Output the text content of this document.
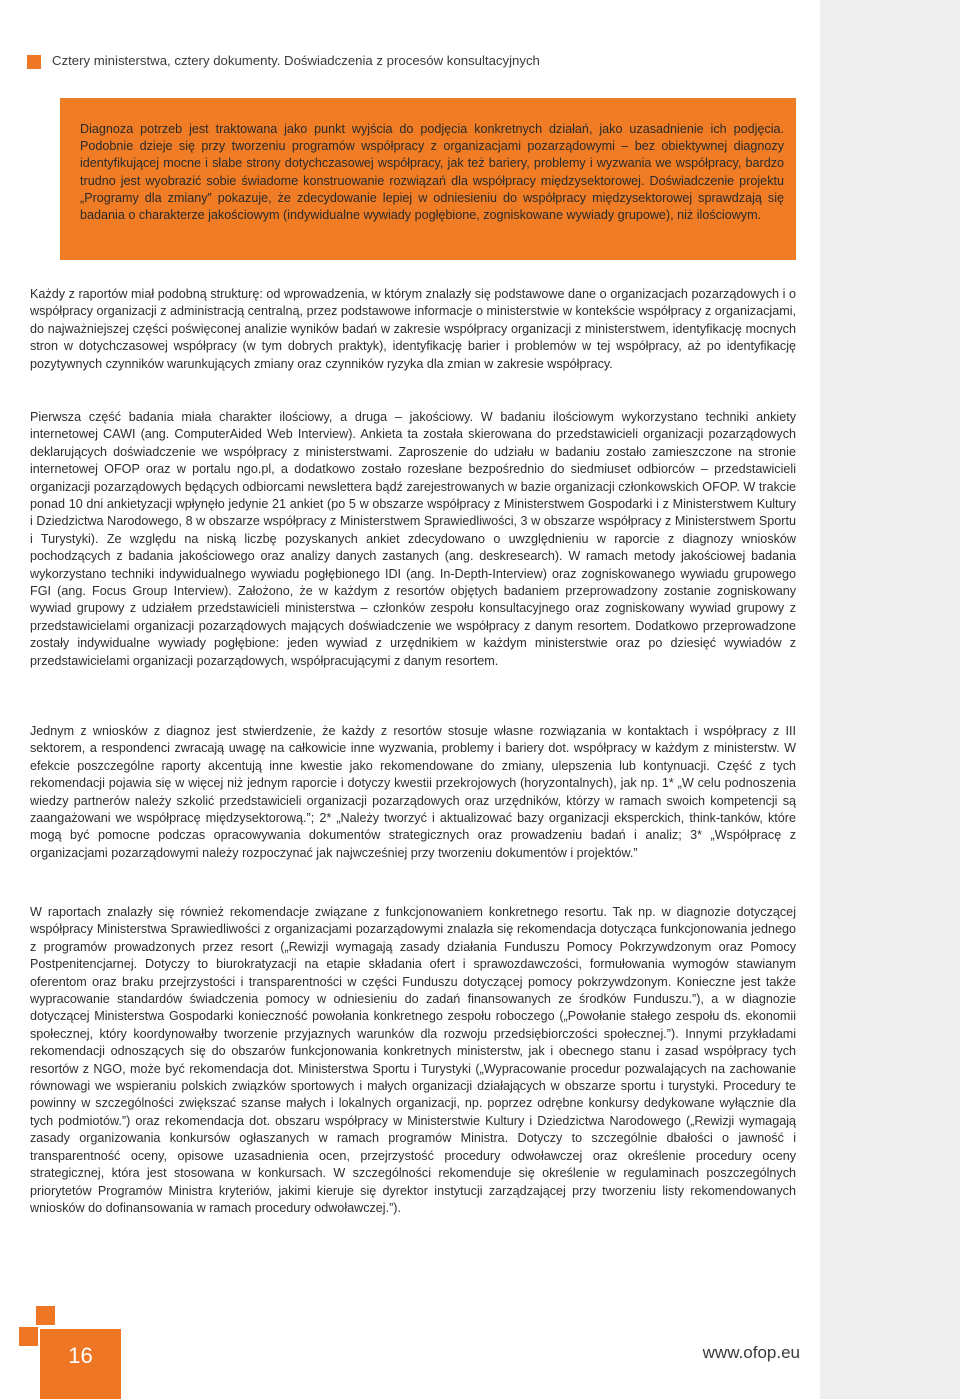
Cztery ministerstwa, cztery dokumenty. Doświadczenia z procesów konsultacyjnych
Diagnoza potrzeb jest traktowana jako punkt wyjścia do podjęcia konkretnych działań, jako uzasadnienie ich podjęcia. Podobnie dzieje się przy tworzeniu programów współpracy z organizacjami pozarządowymi – bez obiektywnej diagnozy identyfikującej mocne i słabe strony dotychczasowej współpracy, jak też bariery, problemy i wyzwania we współpracy, bardzo trudno jest wyobrazić sobie świadome konstruowanie rozwiązań dla współpracy międzysektorowej. Doświadczenie projektu „Programy dla zmiany” pokazuje, że zdecydowanie lepiej w odniesieniu do współpracy międzysektorowej sprawdzają się badania o charakterze jakościowym (indywidualne wywiady pogłębione, zogniskowane wywiady grupowe), niż ilościowym.

Każdy z raportów miał podobną strukturę: od wprowadzenia, w którym znalazły się podstawowe dane o organizacjach pozarządowych i o współpracy organizacji z administracją centralną, przez podstawowe informacje o ministerstwie w kontekście współpracy z organizacjami, do najważniejszej części poświęconej analizie wyników badań w zakresie współpracy organizacji z ministerstwem, identyfikację mocnych stron w dotychczasowej współpracy (w tym dobrych praktyk), identyfikację barier i problemów w tej współpracy, aż po identyfikację pozytywnych czynników warunkujących zmiany oraz czynników ryzyka dla zmian w zakresie współpracy.

Pierwsza część badania miała charakter ilościowy, a druga – jakościowy. W badaniu ilościowym wykorzystano techniki ankiety internetowej CAWI (ang. ComputerAided Web Interview). Ankieta ta została skierowana do przedstawicieli organizacji pozarządowych deklarujących doświadczenie we współpracy z ministerstwami. Zaproszenie do udziału w badaniu zostało zamieszczone na stronie internetowej OFOP oraz w portalu ngo.pl, a dodatkowo zostało rozesłane bezpośrednio do siedmiuset odbiorców – przedstawicieli organizacji pozarządowych będących odbiorcami newslettera bądź zarejestrowanych w bazie organizacji członkowskich OFOP. W trakcie ponad 10 dni ankietyzacji wpłynęło jedynie 21 ankiet (po 5 w obszarze współpracy z Ministerstwem Gospodarki i z Ministerstwem Kultury i Dziedzictwa Narodowego, 8 w obszarze współpracy z Ministerstwem Sprawiedliwości, 3 w obszarze współpracy z Ministerstwem Sportu i Turystyki). Ze względu na niską liczbę pozyskanych ankiet zdecydowano o uwzględnieniu w raporcie z diagnozy wniosków pochodzących z badania jakościowego oraz analizy danych zastanych (ang. deskresearch). W ramach metody jakościowej badania wykorzystano techniki indywidualnego wywiadu pogłębionego IDI (ang. In-Depth-Interview) oraz zogniskowanego wywiadu grupowego FGI (ang. Focus Group Interview). Założono, że w każdym z resortów objętych badaniem przeprowadzony zostanie zogniskowany wywiad grupowy z udziałem przedstawicieli ministerstwa – członków zespołu konsultacyjnego oraz zogniskowany wywiad grupowy z przedstawicielami organizacji pozarządowych mających doświadczenie we współpracy z danym resortem. Dodatkowo przeprowadzone zostały indywidualne wywiady pogłębione: jeden wywiad z urzędnikiem w każdym ministerstwie oraz po dziesięć wywiadów z przedstawicielami organizacji pozarządowych, współpracującymi z danym resortem.

Jednym z wniosków z diagnoz jest stwierdzenie, że każdy z resortów stosuje własne rozwiązania w kontaktach i współpracy z III sektorem, a respondenci zwracają uwagę na całkowicie inne wyzwania, problemy i bariery dot. współpracy w każdym z ministerstw. W efekcie poszczególne raporty akcentują inne kwestie jako rekomendowane do zmiany, ulepszenia lub kontynuacji. Część z tych rekomendacji pojawia się w więcej niż jednym raporcie i dotyczy kwestii przekrojowych (horyzontalnych), jak np. 1* „W celu podnoszenia wiedzy partnerów należy szkolić przedstawicieli organizacji pozarządowych oraz urzędników, którzy w ramach swoich kompetencji są zaangażowani we współpracę międzysektorową.”; 2* „Należy tworzyć i aktualizować bazy organizacji eksperckich, think-tanków, które mogą być pomocne podczas opracowywania dokumentów strategicznych oraz prowadzeniu badań i analiz; 3* „Współpracę z organizacjami pozarządowymi należy rozpoczynać jak najwcześniej przy tworzeniu dokumentów i projektów.”

W raportach znalazły się również rekomendacje związane z funkcjonowaniem konkretnego resortu. Tak np. w diagnozie dotyczącej współpracy Ministerstwa Sprawiedliwości z organizacjami pozarządowymi znalazła się rekomendacja dotycząca funkcjonowania jednego z programów prowadzonych przez resort („Rewizji wymagają zasady działania Funduszu Pomocy Pokrzywdzonym oraz Pomocy Postpenitencjarnej. Dotyczy to biurokratyzacji na etapie składania ofert i sprawozdawczości, formułowania wymogów stawianym oferentom oraz braku przejrzystości i transparentności w części Funduszu dotyczącej pomocy pokrzywdzonym. Konieczne jest także wypracowanie standardów świadczenia pomocy w odniesieniu do zadań finansowanych ze środków Funduszu.”), a w diagnozie dotyczącej Ministerstwa Gospodarki konieczność powołania konkretnego zespołu roboczego („Powołanie stałego zespołu ds. ekonomii społecznej, który koordynowałby tworzenie przyjaznych warunków dla rozwoju przedsiębiorczości społecznej.”). Innymi przykładami rekomendacji odnoszących się do obszarów funkcjonowania konkretnych ministerstw, jak i obecnego stanu i zasad współpracy tych resortów z NGO, może być rekomendacja dot. Ministerstwa Sportu i Turystyki („Wypracowanie procedur pozwalających na zachowanie równowagi we wspieraniu polskich związków sportowych i małych organizacji działających w obszarze sportu i turystyki. Procedury te powinny w szczególności zwiększać szanse małych i lokalnych organizacji, np. poprzez odrębne konkursy dedykowane wyłącznie dla tych podmiotów.”) oraz rekomendacja dot. obszaru współpracy w Ministerstwie Kultury i Dziedzictwa Narodowego („Rewizji wymagają zasady organizowania konkursów ogłaszanych w ramach programów Ministra. Dotyczy to szczególnie dbałości o jawność i transparentność oceny, opisowe uzasadnienia ocen, przejrzystość procedury odwoławczej oraz określenie procedury oceny strategicznej, która jest stosowana w konkursach. W szczególności rekomenduje się określenie w regulaminach poszczególnych priorytetów Programów Ministra kryteriów, jakimi kieruje się dyrektor instytucji zarządzającej przy tworzeniu listy rekomendowanych wniosków do dofinansowania w ramach procedury odwoławczej.”).

16	www.ofop.eu
